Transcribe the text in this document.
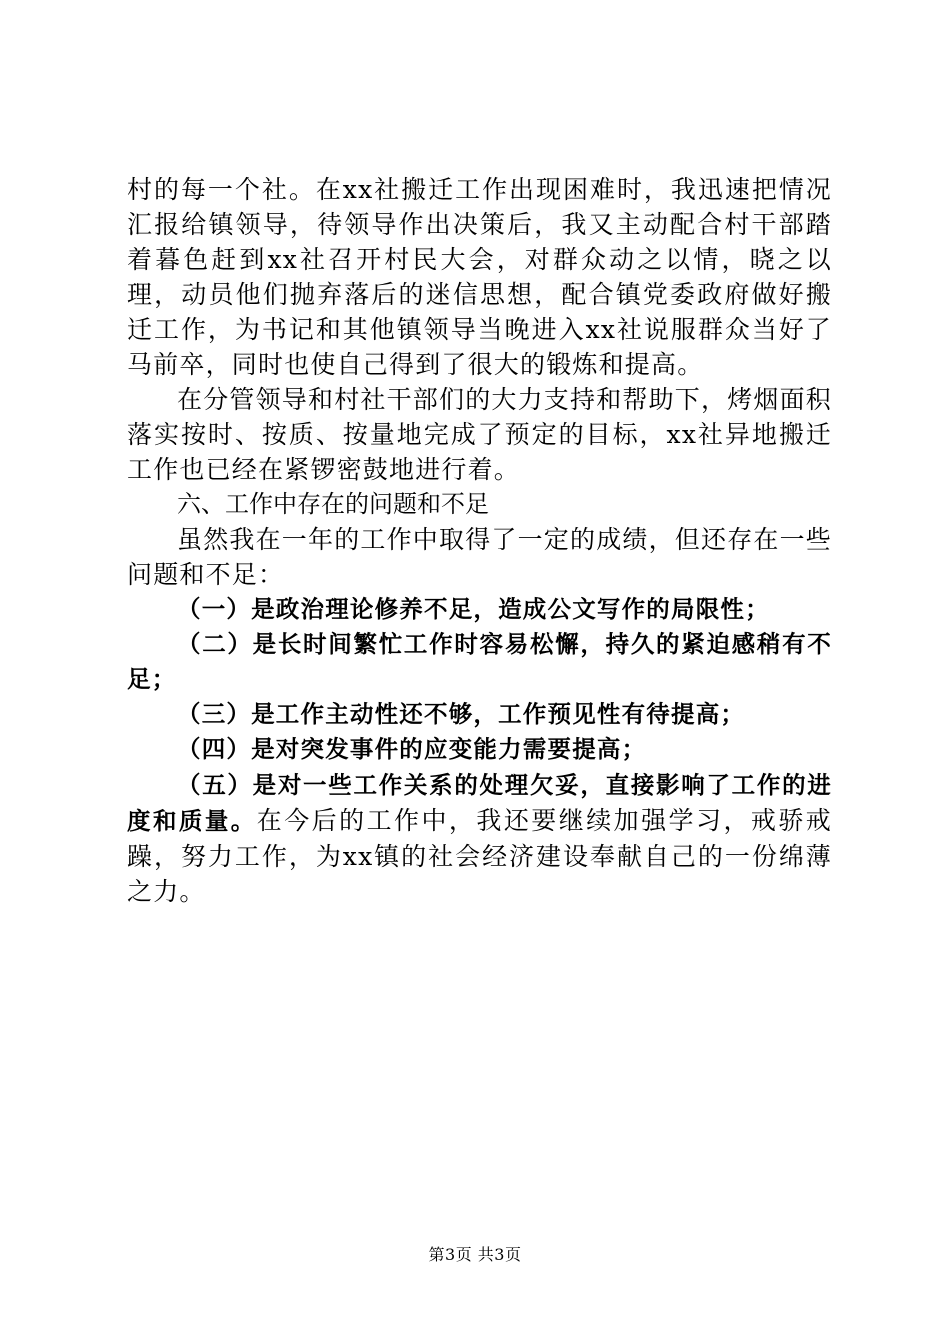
村的每一个社。在xx社搬迁工作出现困难时，我迅速把情况汇报给镇领导，待领导作出决策后，我又主动配合村干部踏着暮色赶到xx社召开村民大会，对群众动之以情，晓之以理，动员他们抛弃落后的迷信思想，配合镇党委政府做好搬迁工作，为书记和其他镇领导当晚进入xx社说服群众当好了马前卒，同时也使自己得到了很大的锻炼和提高。

在分管领导和村社干部们的大力支持和帮助下，烤烟面积落实按时、按质、按量地完成了预定的目标，xx社异地搬迁工作也已经在紧锣密鼓地进行着。

六、工作中存在的问题和不足

虽然我在一年的工作中取得了一定的成绩，但还存在一些问题和不足：

（一）是政治理论修养不足，造成公文写作的局限性；

（二）是长时间繁忙工作时容易松懈，持久的紧迫感稍有不足；

（三）是工作主动性还不够，工作预见性有待提高；

（四）是对突发事件的应变能力需要提高；

（五）是对一些工作关系的处理欠妥，直接影响了工作的进度和质量。在今后的工作中，我还要继续加强学习，戒骄戒躁，努力工作，为xx镇的社会经济建设奉献自己的一份绵薄之力。

第3页 共3页
